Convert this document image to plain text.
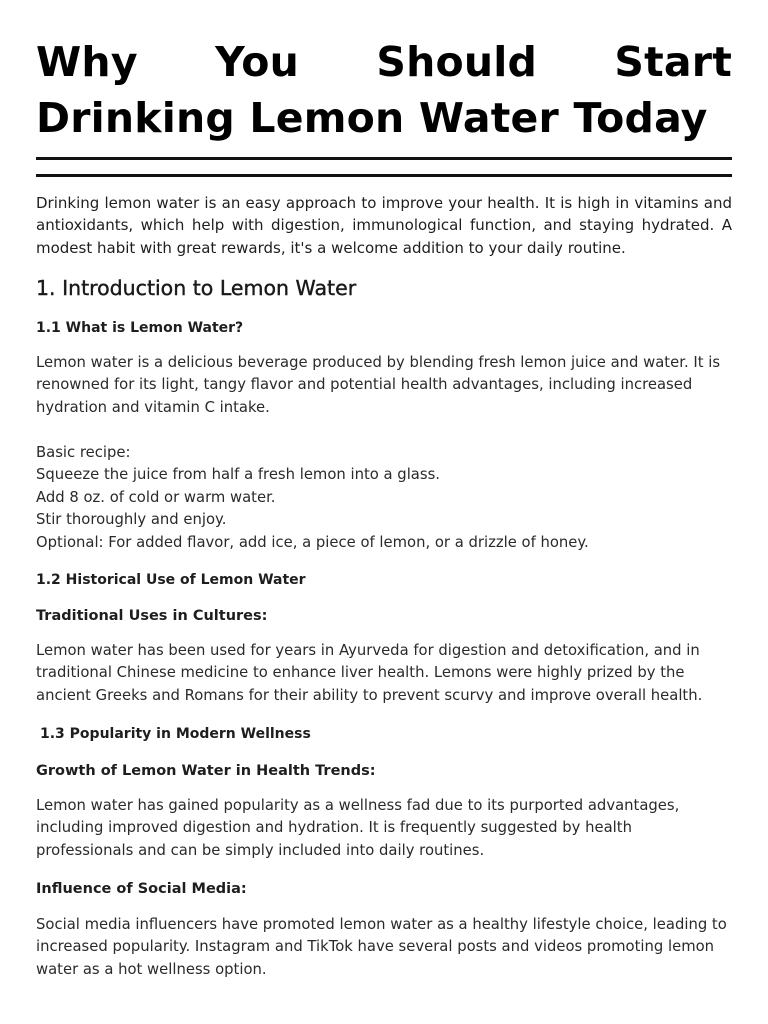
Why You Should Start Drinking Lemon Water Today

Drinking lemon water is an easy approach to improve your health. It is high in vitamins and antioxidants, which help with digestion, immunological function, and staying hydrated. A modest habit with great rewards, it's a welcome addition to your daily routine.

1. Introduction to Lemon Water
1.1 What is Lemon Water?

Lemon water is a delicious beverage produced by blending fresh lemon juice and water. It is renowned for its light, tangy flavor and potential health advantages, including increased hydration and vitamin C intake.

Basic recipe:
Squeeze the juice from half a fresh lemon into a glass.
Add 8 oz. of cold or warm water.
Stir thoroughly and enjoy.
Optional: For added flavor, add ice, a piece of lemon, or a drizzle of honey.
1.2 Historical Use of Lemon Water
Traditional Uses in Cultures:

Lemon water has been used for years in Ayurveda for digestion and detoxification, and in traditional Chinese medicine to enhance liver health. Lemons were highly prized by the ancient Greeks and Romans for their ability to prevent scurvy and improve overall health.

1.3 Popularity in Modern Wellness
Growth of Lemon Water in Health Trends:

Lemon water has gained popularity as a wellness fad due to its purported advantages, including improved digestion and hydration. It is frequently suggested by health professionals and can be simply included into daily routines.

Influence of Social Media:

Social media influencers have promoted lemon water as a healthy lifestyle choice, leading to increased popularity. Instagram and TikTok have several posts and videos promoting lemon water as a hot wellness option.
